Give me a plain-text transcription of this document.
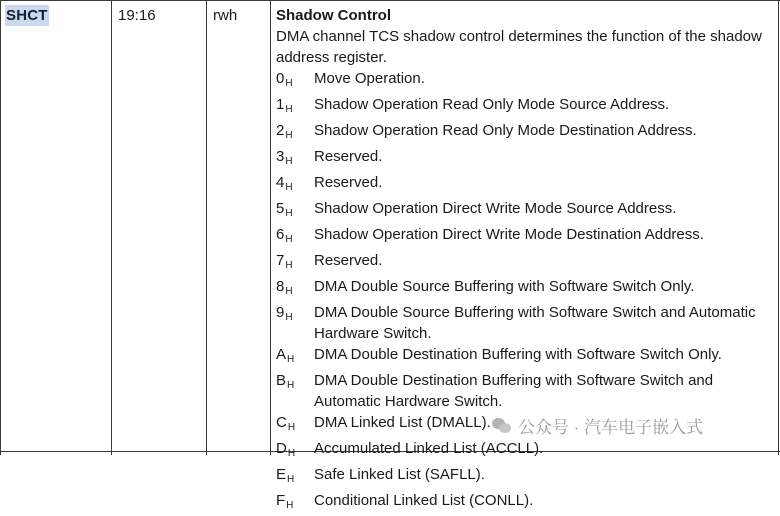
SHCT	19:16	rwh	Shadow Control
DMA channel TCS shadow control determines the function of the shadow address register.
$0_H$	Move Operation.
$1_H$	Shadow Operation Read Only Mode Source Address.
$2_H$	Shadow Operation Read Only Mode Destination Address.
$3_H$	Reserved.
$4_H$	Reserved.
$5_H$	Shadow Operation Direct Write Mode Source Address.
$6_H$	Shadow Operation Direct Write Mode Destination Address.
$7_H$	Reserved.
$8_H$	DMA Double Source Buffering with Software Switch Only.
$9_H$	DMA Double Source Buffering with Software Switch and Automatic Hardware Switch.
$A_H$	DMA Double Destination Buffering with Software Switch Only.
$B_H$	DMA Double Destination Buffering with Software Switch and Automatic Hardware Switch.
$C_H$	DMA Linked List (DMALL).
$D_H$	Accumulated Linked List (ACCLL).
$E_H$	Safe Linked List (SAFLL).
$F_H$	Conditional Linked List (CONLL).
公众号 · 汽车电子嵌入式
